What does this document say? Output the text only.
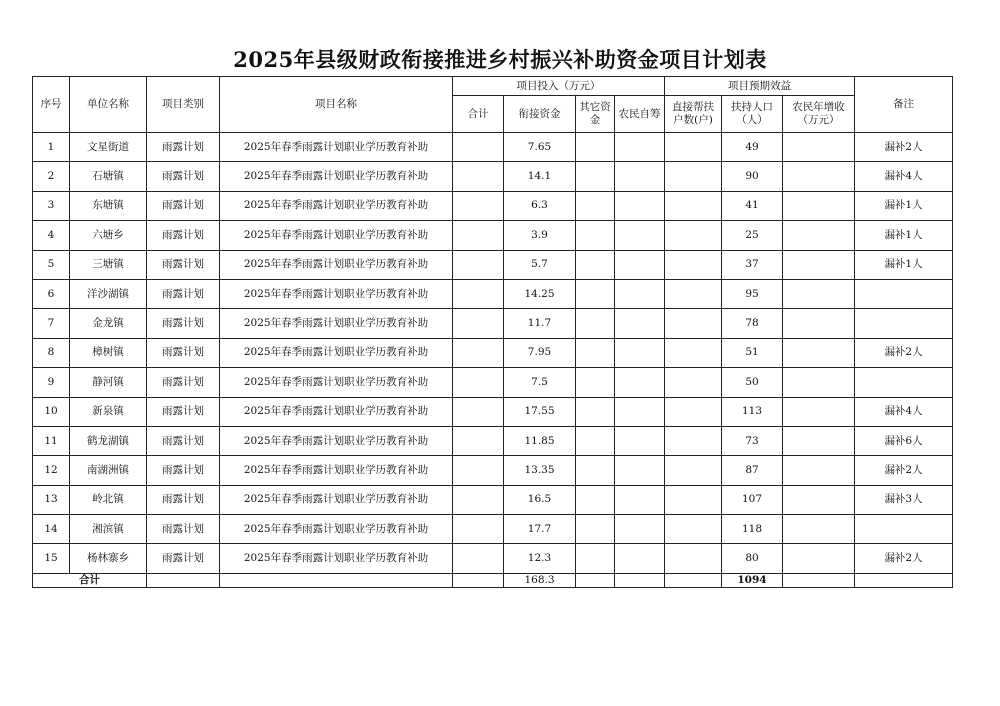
2025年县级财政衔接推进乡村振兴补助资金项目计划表
序号	单位名称	项目类别	项目名称	项目投入（万元）				项目预期效益			备注
				合计	衔接资金	其它资金	农民自筹	直接帮扶户数(户)	扶持人口（人）	农民年增收（万元）	
1	文星街道	雨露计划	2025年春季雨露计划职业学历教育补助		7.65				49		漏补2人
2	石塘镇	雨露计划	2025年春季雨露计划职业学历教育补助		14.1				90		漏补4人
3	东塘镇	雨露计划	2025年春季雨露计划职业学历教育补助		6.3				41		漏补1人
4	六塘乡	雨露计划	2025年春季雨露计划职业学历教育补助		3.9				25		漏补1人
5	三塘镇	雨露计划	2025年春季雨露计划职业学历教育补助		5.7				37		漏补1人
6	洋沙湖镇	雨露计划	2025年春季雨露计划职业学历教育补助		14.25				95		
7	金龙镇	雨露计划	2025年春季雨露计划职业学历教育补助		11.7				78		
8	樟树镇	雨露计划	2025年春季雨露计划职业学历教育补助		7.95				51		漏补2人
9	静河镇	雨露计划	2025年春季雨露计划职业学历教育补助		7.5				50		
10	新泉镇	雨露计划	2025年春季雨露计划职业学历教育补助		17.55				113		漏补4人
11	鹤龙湖镇	雨露计划	2025年春季雨露计划职业学历教育补助		11.85				73		漏补6人
12	南湖洲镇	雨露计划	2025年春季雨露计划职业学历教育补助		13.35				87		漏补2人
13	岭北镇	雨露计划	2025年春季雨露计划职业学历教育补助		16.5				107		漏补3人
14	湘滨镇	雨露计划	2025年春季雨露计划职业学历教育补助		17.7				118		
15	杨林寨乡	雨露计划	2025年春季雨露计划职业学历教育补助		12.3				80		漏补2人
合计					168.3				1094		
